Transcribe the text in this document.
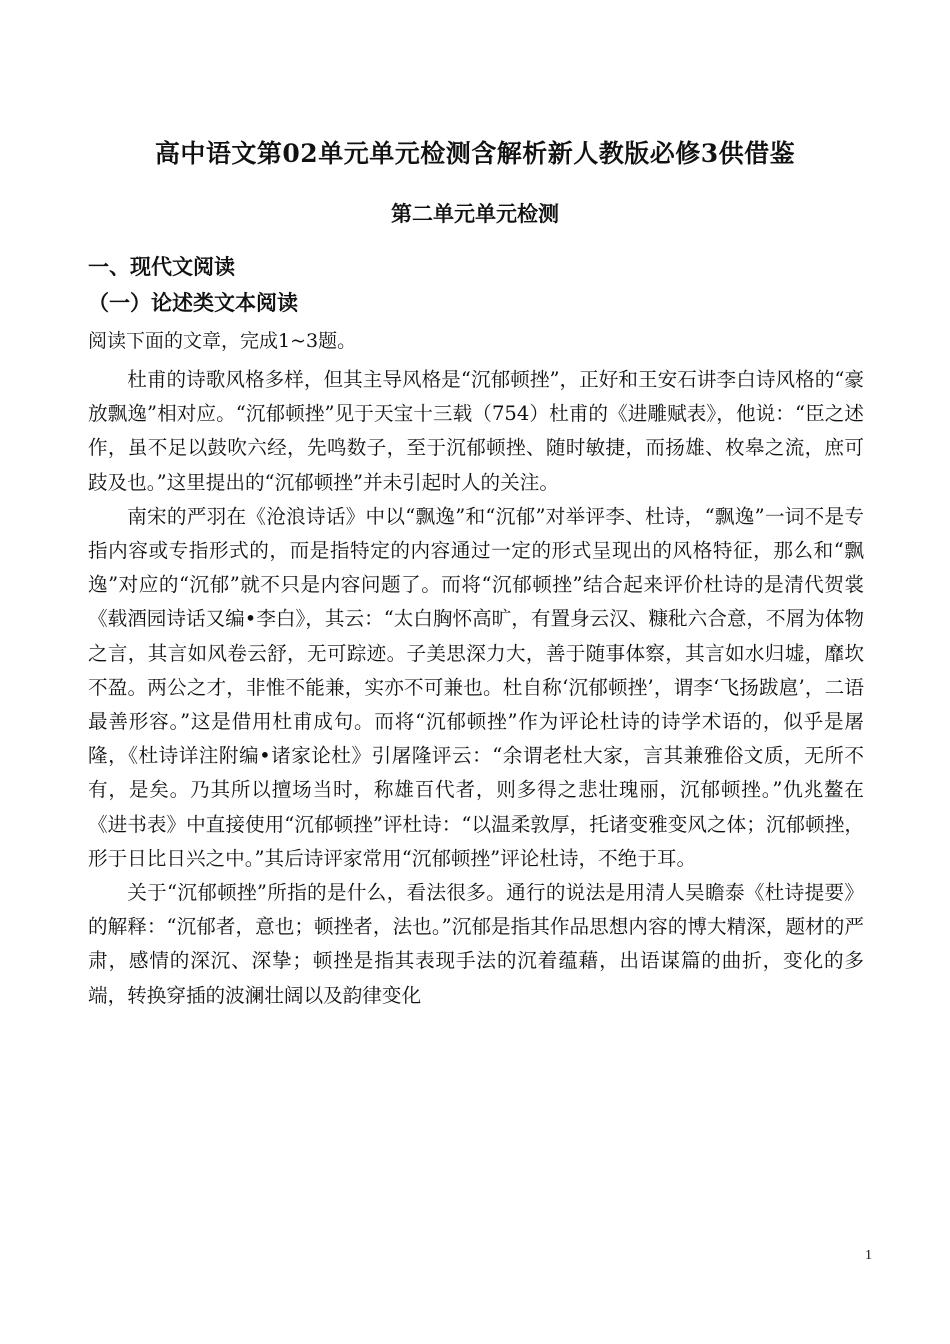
高中语文第02单元单元检测含解析新人教版必修3供借鉴
第二单元单元检测
一、现代文阅读
（一）论述类文本阅读
阅读下面的文章，完成1~3题。

杜甫的诗歌风格多样，但其主导风格是“沉郁顿挫”，正好和王安石讲李白诗风格的“豪放飘逸”相对应。“沉郁顿挫”见于天宝十三载（754）杜甫的《进雕赋表》，他说：“臣之述作，虽不足以鼓吹六经，先鸣数子，至于沉郁顿挫、随时敏捷，而扬雄、枚皋之流，庶可跂及也。”这里提出的“沉郁顿挫”并未引起时人的关注。

南宋的严羽在《沧浪诗话》中以“飘逸”和“沉郁”对举评李、杜诗，“飘逸”一词不是专指内容或专指形式的，而是指特定的内容通过一定的形式呈现出的风格特征，那么和“飘逸”对应的“沉郁”就不只是内容问题了。而将“沉郁顿挫”结合起来评价杜诗的是清代贺裳《载酒园诗话又编•李白》，其云：“太白胸怀高旷，有置身云汉、糠秕六合意，不屑为体物之言，其言如风卷云舒，无可踪迹。子美思深力大，善于随事体察，其言如水归墟，靡坎不盈。两公之才，非惟不能兼，实亦不可兼也。杜自称‘沉郁顿挫’，谓李‘飞扬跋扈’，二语最善形容。”这是借用杜甫成句。而将“沉郁顿挫”作为评论杜诗的诗学术语的，似乎是屠隆，《杜诗详注附编•诸家论杜》引屠隆评云：“余谓老杜大家，言其兼雅俗文质，无所不有，是矣。乃其所以擅场当时，称雄百代者，则多得之悲壮瑰丽，沉郁顿挫。”仇兆鳌在《进书表》中直接使用“沉郁顿挫”评杜诗：“以温柔敦厚，托诸变雅变风之体；沉郁顿挫，形于日比日兴之中。”其后诗评家常用“沉郁顿挫”评论杜诗，不绝于耳。

关于“沉郁顿挫”所指的是什么，看法很多。通行的说法是用清人吴瞻泰《杜诗提要》的解释：“沉郁者，意也；顿挫者，法也。”沉郁是指其作品思想内容的博大精深，题材的严肃，感情的深沉、深挚；顿挫是指其表现手法的沉着蕴藉，出语谋篇的曲折，变化的多端，转换穿插的波澜壮阔以及韵律变化

1
